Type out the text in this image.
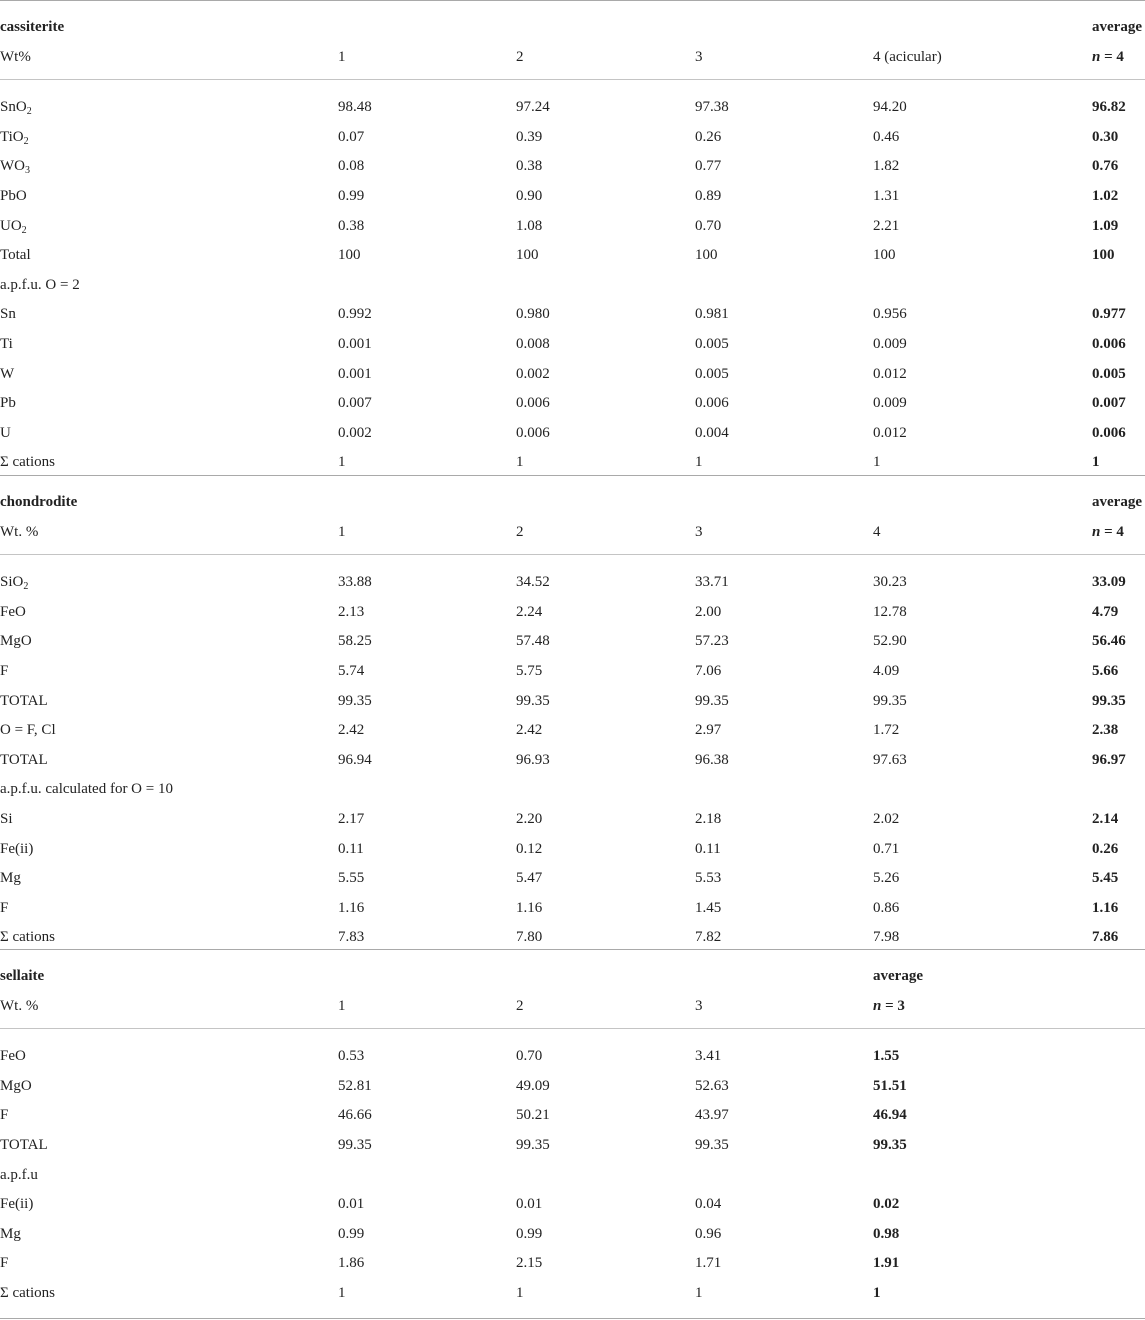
cassiterite	average
Wt%	1	2	3	4 (acicular)	n = 4
SnO$_2$	98.48	97.24	97.38	94.20	96.82
TiO$_2$	0.07	0.39	0.26	0.46	0.30
$WO_3$	0.08	0.38	0.77	1.82	0.76
PbO	0.99	0.90	0.89	1.31	1.02
$UO_2$	0.38	1.08	0.70	2.21	1.09
Total	100	100	100	100	100
a.p.f.u. O = 2
Sn	0.992	0.980	0.981	0.956	0.977
Ti	0.001	0.008	0.005	0.009	0.006
W	0.001	0.002	0.005	0.012	0.005
Pb	0.007	0.006	0.006	0.009	0.007
U	0.002	0.006	0.004	0.012	0.006
Σ cations	1	1	1	1	1
chondrodite	average
Wt. %	1	2	3	4	n = 4
SiO$_2$	33.88	34.52	33.71	30.23	33.09
FeO	2.13	2.24	2.00	12.78	4.79
MgO	58.25	57.48	57.23	52.90	56.46
F	5.74	5.75	7.06	4.09	5.66
TOTAL	99.35	99.35	99.35	99.35	99.35
O = F, Cl	2.42	2.42	2.97	1.72	2.38
TOTAL	96.94	96.93	96.38	97.63	96.97
a.p.f.u. calculated for O = 10
Si	2.17	2.20	2.18	2.02	2.14
Fe(ii)	0.11	0.12	0.11	0.71	0.26
Mg	5.55	5.47	5.53	5.26	5.45
F	1.16	1.16	1.45	0.86	1.16
Σ cations	7.83	7.80	7.82	7.98	7.86
sellaite	average
Wt. %	1	2	3	n = 3
FeO	0.53	0.70	3.41	1.55
MgO	52.81	49.09	52.63	51.51
F	46.66	50.21	43.97	46.94
TOTAL	99.35	99.35	99.35	99.35
a.p.f.u
Fe(ii)	0.01	0.01	0.04	0.02
Mg	0.99	0.99	0.96	0.98
F	1.86	2.15	1.71	1.91
Σ cations	1	1	1	1
